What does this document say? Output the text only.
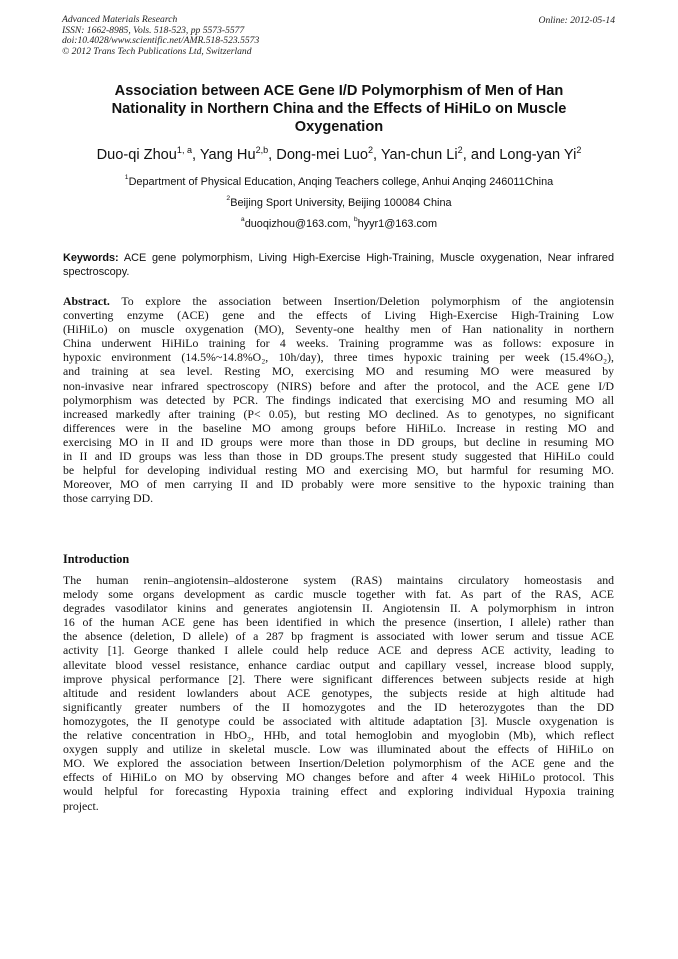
Advanced Materials Research
ISSN: 1662-8985, Vols. 518-523, pp 5573-5577
doi:10.4028/www.scientific.net/AMR.518-523.5573
© 2012 Trans Tech Publications Ltd, Switzerland
Online: 2012-05-14
Association between ACE Gene I/D Polymorphism of Men of Han
Nationality in Northern China and the Effects of HiHiLo on Muscle
Oxygenation
Duo-qi Zhou$^{1, a}$, Yang Hu$^{2,b}$, Dong-mei Luo$^2$, Yan-chun Li$^2$, and Long-yan Yi$^2$
$^1$Department of Physical Education, Anqing Teachers college, Anhui Anqing 246011China
$^2$Beijing Sport University, Beijing 100084 China
$^a$duoqizhou@163.com, $^b$hyyr1@163.com
Keywords: ACE gene polymorphism, Living High-Exercise High-Training, Muscle oxygenation, Near infrared spectroscopy.
Abstract. To explore the association between Insertion/Deletion polymorphism of the angiotensin
converting enzyme (ACE) gene and the effects of Living High-Exercise High-Training Low
(HiHiLo) on muscle oxygenation (MO), Seventy-one healthy men of Han nationality in northern
China underwent HiHiLo training for 4 weeks. Training programme was as follows: exposure in
hypoxic environment (14.5%~14.8%O₂, 10h/day), three times hypoxic training per week (15.4%O₂),
and training at sea level. Resting MO, exercising MO and resuming MO were measured by
non-invasive near infrared spectroscopy (NIRS) before and after the protocol, and the ACE gene I/D
polymorphism was detected by PCR. The findings indicated that exercising MO and resuming MO all
increased markedly after training (P< 0.05), but resting MO declined. As to genotypes, no significant
differences were in the baseline MO among groups before HiHiLo. Increase in resting MO and
exercising MO in II and ID groups were more than those in DD groups, but decline in resuming MO
in II and ID groups was less than those in DD groups.The present study suggested that HiHiLo could
be helpful for developing individual resting MO and exercising MO, but harmful for resuming MO.
Moreover, MO of men carrying II and ID probably were more sensitive to the hypoxic training than
those carrying DD.
Introduction
The human renin–angiotensin–aldosterone system (RAS) maintains circulatory homeostasis and
melody some organs development as cardic muscle together with fat. As part of the RAS, ACE
degrades vasodilator kinins and generates angiotensin II. Angiotensin II. A polymorphism in intron
16 of the human ACE gene has been identified in which the presence (insertion, I allele) rather than
the absence (deletion, D allele) of a 287 bp fragment is associated with lower serum and tissue ACE
activity [1]. George thanked I allele could help reduce ACE and depress ACE activity, leading to
allevitate blood vessel resistance, enhance cardiac output and capillary vessel, increase blood supply,
improve physical performance [2]. There were significant differences between subjects reside at high
altitude and resident lowlanders about ACE genotypes, the subjects reside at high altitude had
significantly greater numbers of the II homozygotes and the ID heterozygotes than the DD
homozygotes, the II genotype could be associated with altitude adaptation [3]. Muscle oxygenation is
the relative concentration in HbO₂, HHb, and total hemoglobin and myoglobin (Mb), which reflect
oxygen supply and utilize in skeletal muscle. Low was illuminated about the effects of HiHiLo on
MO. We explored the association between Insertion/Deletion polymorphism of the ACE gene and the
effects of HiHiLo on MO by observing MO changes before and after 4 week HiHiLo protocol. This
would helpful for forecasting Hypoxia training effect and exploring individual Hypoxia training
project.
